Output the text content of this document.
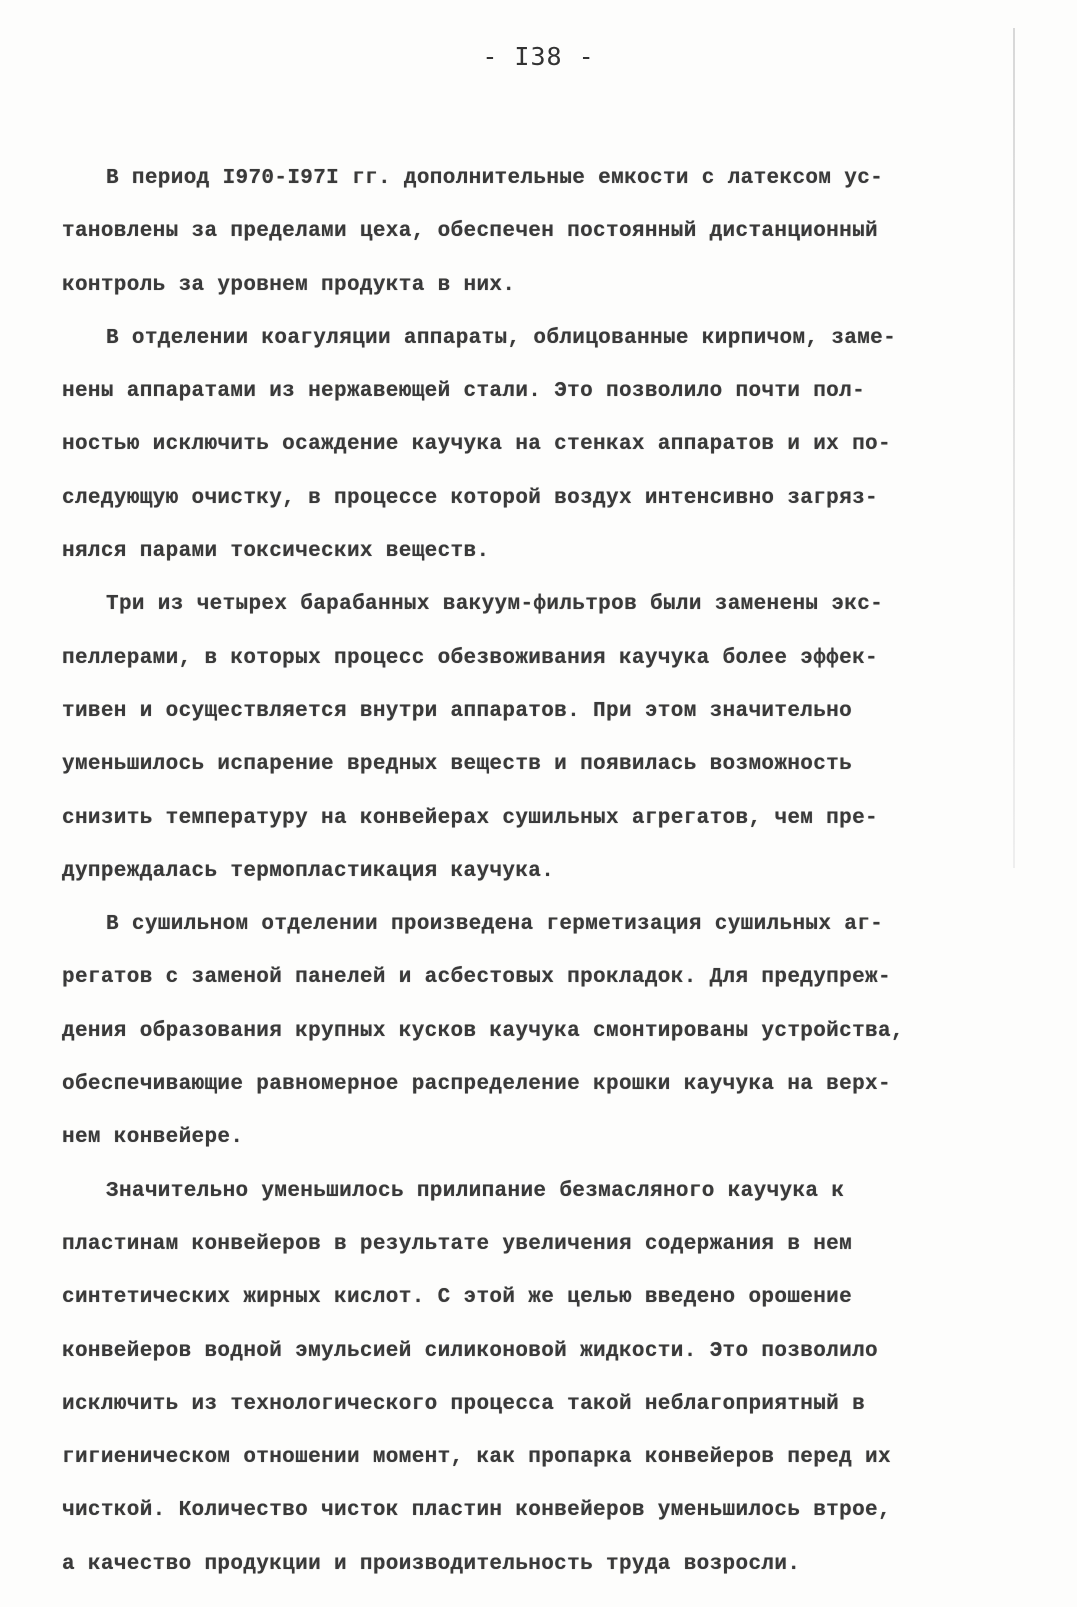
- I38 -
В период I970-I97I гг. дополнительные емкости с латексом ус-
тановлены за пределами цеха, обеспечен постоянный дистанционный
контроль за уровнем продукта в них.
В отделении коагуляции аппараты, облицованные кирпичом, заме-
нены аппаратами из нержавеющей стали. Это позволило почти пол-
ностью исключить осаждение каучука на стенках аппаратов и их по-
следующую очистку, в процессе которой воздух интенсивно загряз-
нялся парами токсических веществ.
Три из четырех барабанных вакуум-фильтров были заменены экс-
пеллерами, в которых процесс обезвоживания каучука более эффек-
тивен и осуществляется внутри аппаратов. При этом значительно
уменьшилось испарение вредных веществ и появилась возможность
снизить температуру на конвейерах сушильных агрегатов, чем пре-
дупреждалась термопластикация каучука.
В сушильном отделении произведена герметизация сушильных аг-
регатов с заменой панелей и асбестовых прокладок. Для предупреж-
дения образования крупных кусков каучука смонтированы устройства,
обеспечивающие равномерное распределение крошки каучука на верх-
нем конвейере.
Значительно уменьшилось прилипание безмасляного каучука к
пластинам конвейеров в результате увеличения содержания в нем
синтетических жирных кислот. С этой же целью введено орошение
конвейеров водной эмульсией силиконовой жидкости. Это позволило
исключить из технологического процесса такой неблагоприятный в
гигиеническом отношении момент, как пропарка конвейеров перед их
чисткой. Количество чисток пластин конвейеров уменьшилось втрое,
а качество продукции и производительность труда возросли.
